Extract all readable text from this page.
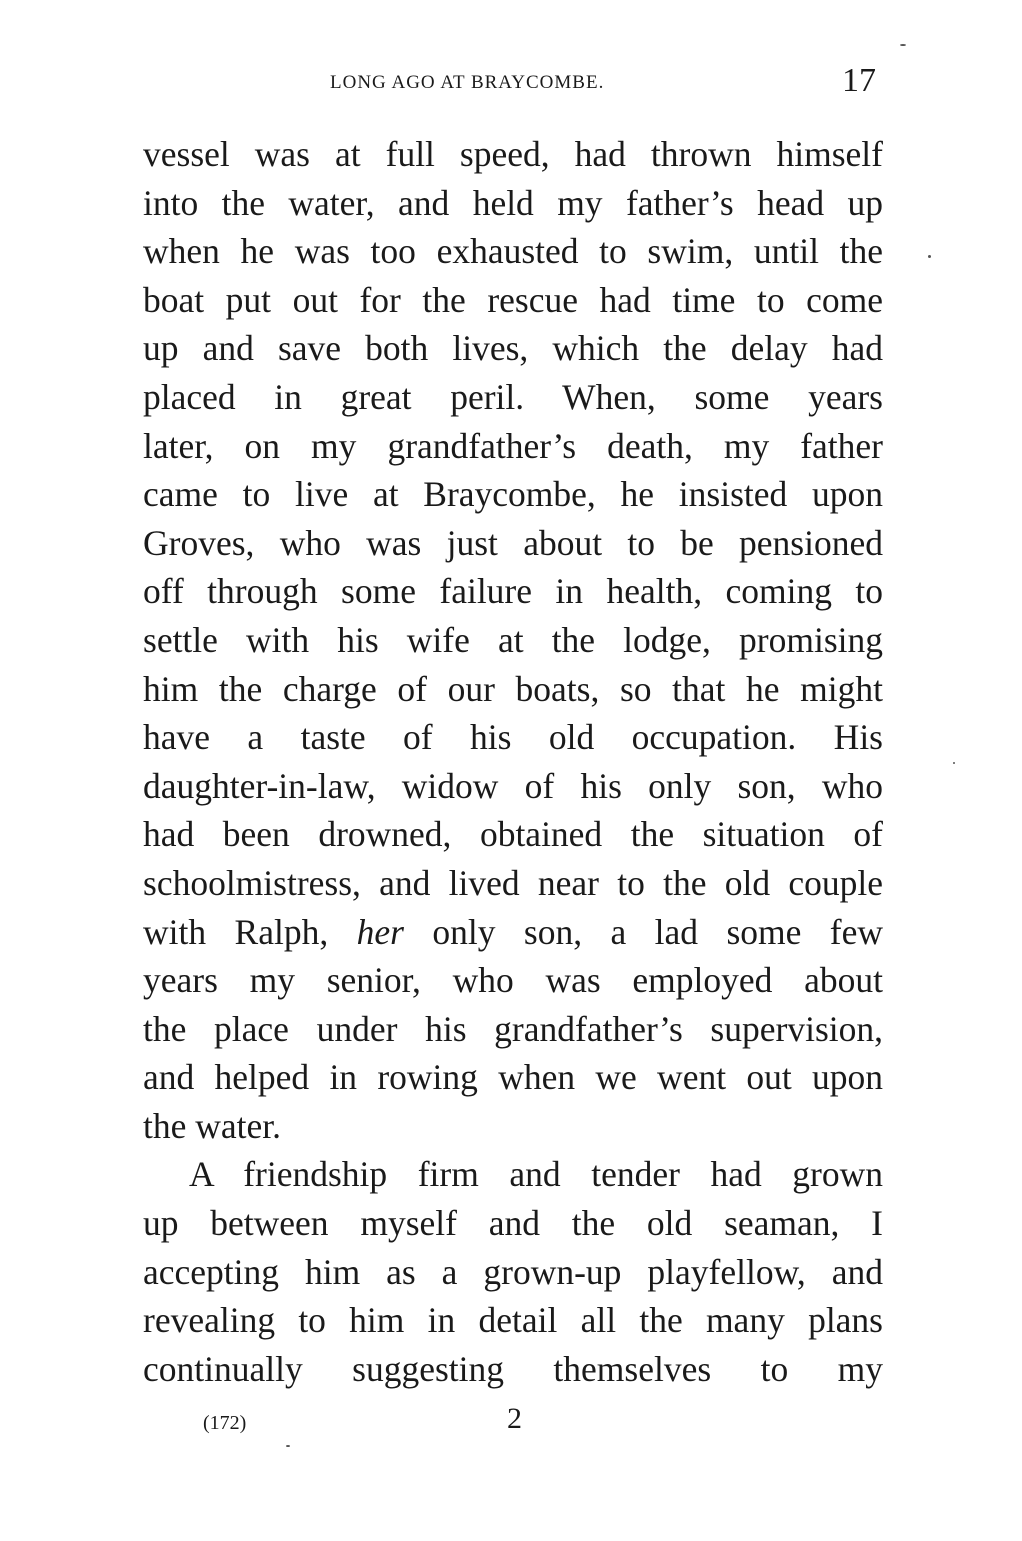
LONG AGO AT BRAYCOMBE.	17
vessel was at full speed, had thrown himself
into the water, and held my father’s head up
when he was too exhausted to swim, until the
boat put out for the rescue had time to come
up and save both lives, which the delay had
placed in great peril. When, some years
later, on my grandfather’s death, my father
came to live at Braycombe, he insisted upon
Groves, who was just about to be pensioned
off through some failure in health, coming to
settle with his wife at the lodge, promising
him the charge of our boats, so that he might
have a taste of his old occupation. His
daughter-in-law, widow of his only son, who
had been drowned, obtained the situation of
schoolmistress, and lived near to the old couple
with Ralph, her only son, a lad some few
years my senior, who was employed about
the place under his grandfather’s supervision,
and helped in rowing when we went out upon
the water.
A friendship firm and tender had grown
up between myself and the old seaman, I
accepting him as a grown-up playfellow, and
revealing to him in detail all the many plans
continually suggesting themselves to my
(172)	2
